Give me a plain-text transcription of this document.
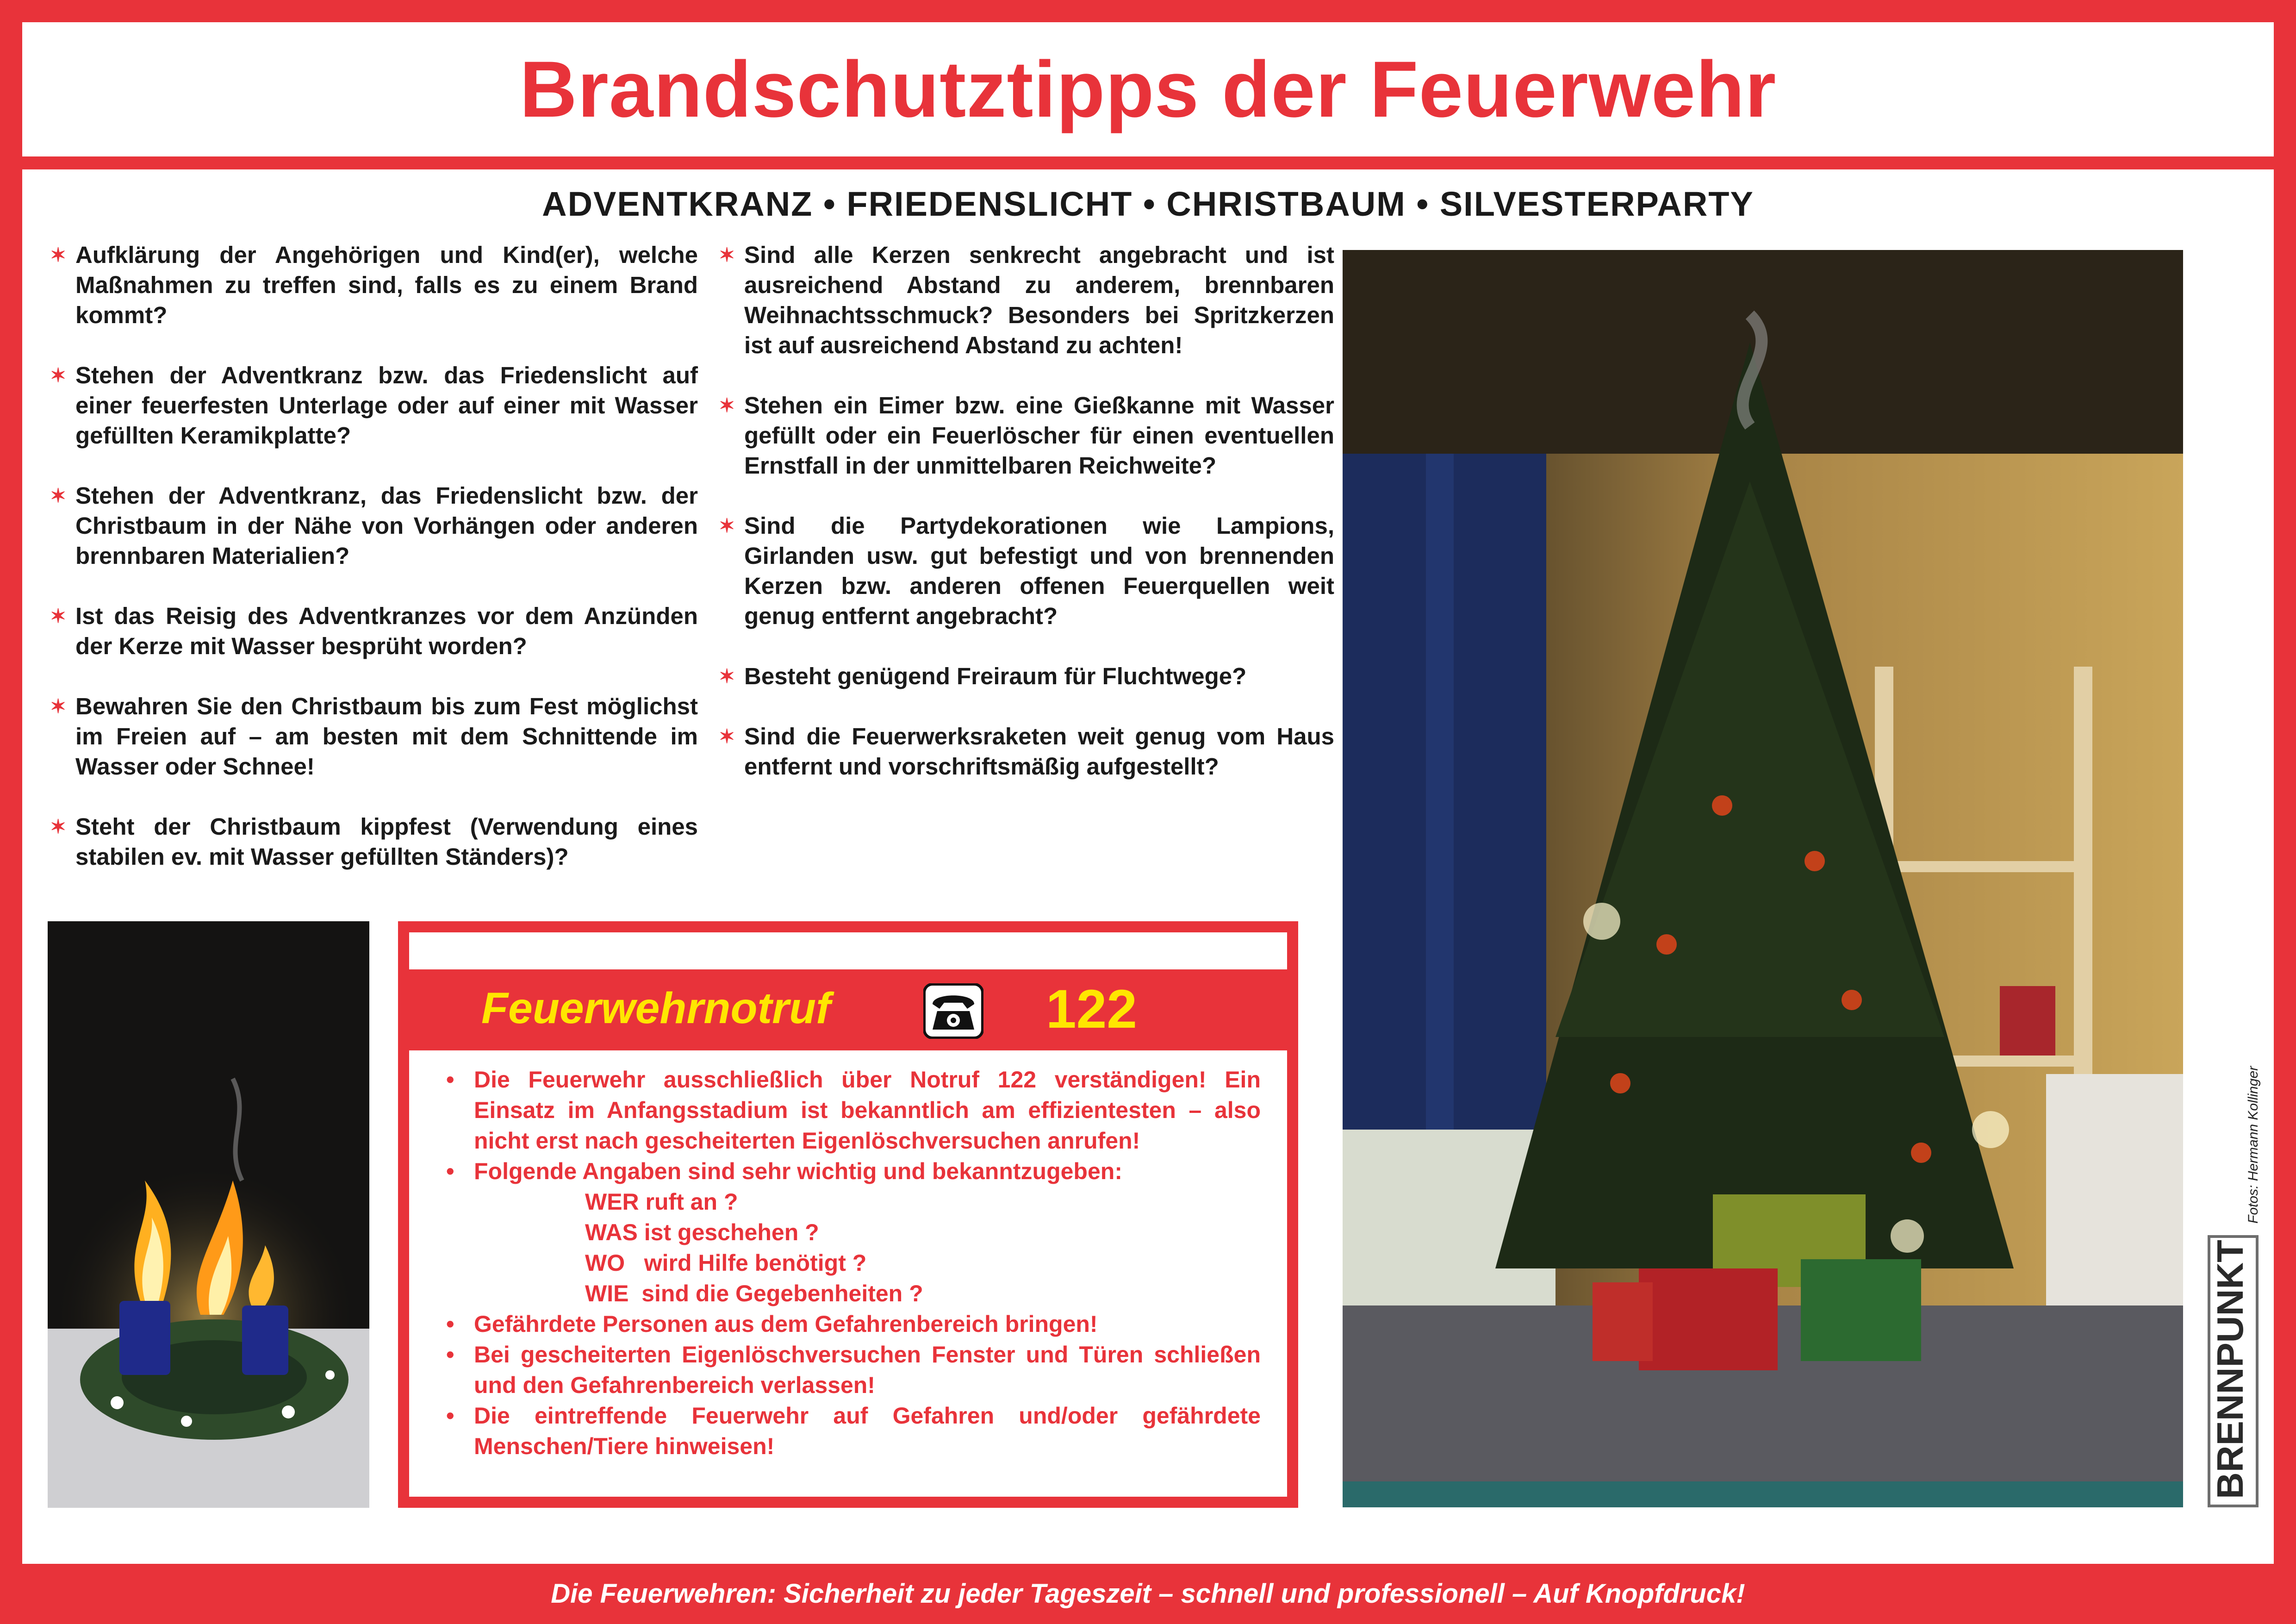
Brandschutztipps der Feuerwehr
ADVENTKRANZ • FRIEDENSLICHT • CHRISTBAUM • SILVESTERPARTY
✶ Aufklärung der Angehörigen und Kind(er), welche Maßnahmen zu treffen sind, falls es zu einem Brand kommt?
✶ Stehen der Adventkranz bzw. das Friedenslicht auf einer feuerfesten Unterlage oder auf einer mit Wasser gefüllten Keramikplatte?
✶ Stehen der Adventkranz, das Friedenslicht bzw. der Christbaum in der Nähe von Vorhängen oder anderen brennbaren Materialien?
✶ Ist das Reisig des Adventkranzes vor dem Anzünden der Kerze mit Wasser besprüht worden?
✶ Bewahren Sie den Christbaum bis zum Fest möglichst im Freien auf – am besten mit dem Schnittende im Wasser oder Schnee!
✶ Steht der Christbaum kippfest (Verwendung eines stabilen ev. mit Wasser gefüllten Ständers)?
✶ Sind alle Kerzen senkrecht angebracht und ist ausreichend Abstand zu anderem, brennbaren Weihnachtsschmuck? Besonders bei Spritzkerzen ist auf ausreichend Abstand zu achten!
✶ Stehen ein Eimer bzw. eine Gießkanne mit Wasser gefüllt oder ein Feuerlöscher für einen eventuellen Ernstfall in der unmittelbaren Reichweite?
✶ Sind die Partydekorationen wie Lampions, Girlanden usw. gut befestigt und von brennenden Kerzen bzw. anderen offenen Feuerquellen weit genug entfernt angebracht?
✶ Besteht genügend Freiraum für Fluchtwege?
✶ Sind die Feuerwerksraketen weit genug vom Haus entfernt und vorschriftsmäßig aufgestellt?
Feuerwehrnotruf	122
• Die Feuerwehr ausschließlich über Notruf 122 verständigen! Ein Einsatz im Anfangsstadium ist bekanntlich am effizientesten – also nicht erst nach gescheiterten Eigenlöschversuchen anrufen!
• Folgende Angaben sind sehr wichtig und bekanntzugeben:
WER ruft an ?
WAS ist geschehen ?
WO   wird Hilfe benötigt ?
WIE  sind die Gegebenheiten ?
• Gefährdete Personen aus dem Gefahrenbereich bringen!
• Bei gescheiterten Eigenlöschversuchen Fenster und Türen schließen und den Gefahrenbereich verlassen!
• Die eintreffende Feuerwehr auf Gefahren und/oder gefährdete Menschen/Tiere hinweisen!
Fotos: Hermann Kollinger
BRENNPUNKT
Die Feuerwehren: Sicherheit zu jeder Tageszeit – schnell und professionell – Auf Knopfdruck!
